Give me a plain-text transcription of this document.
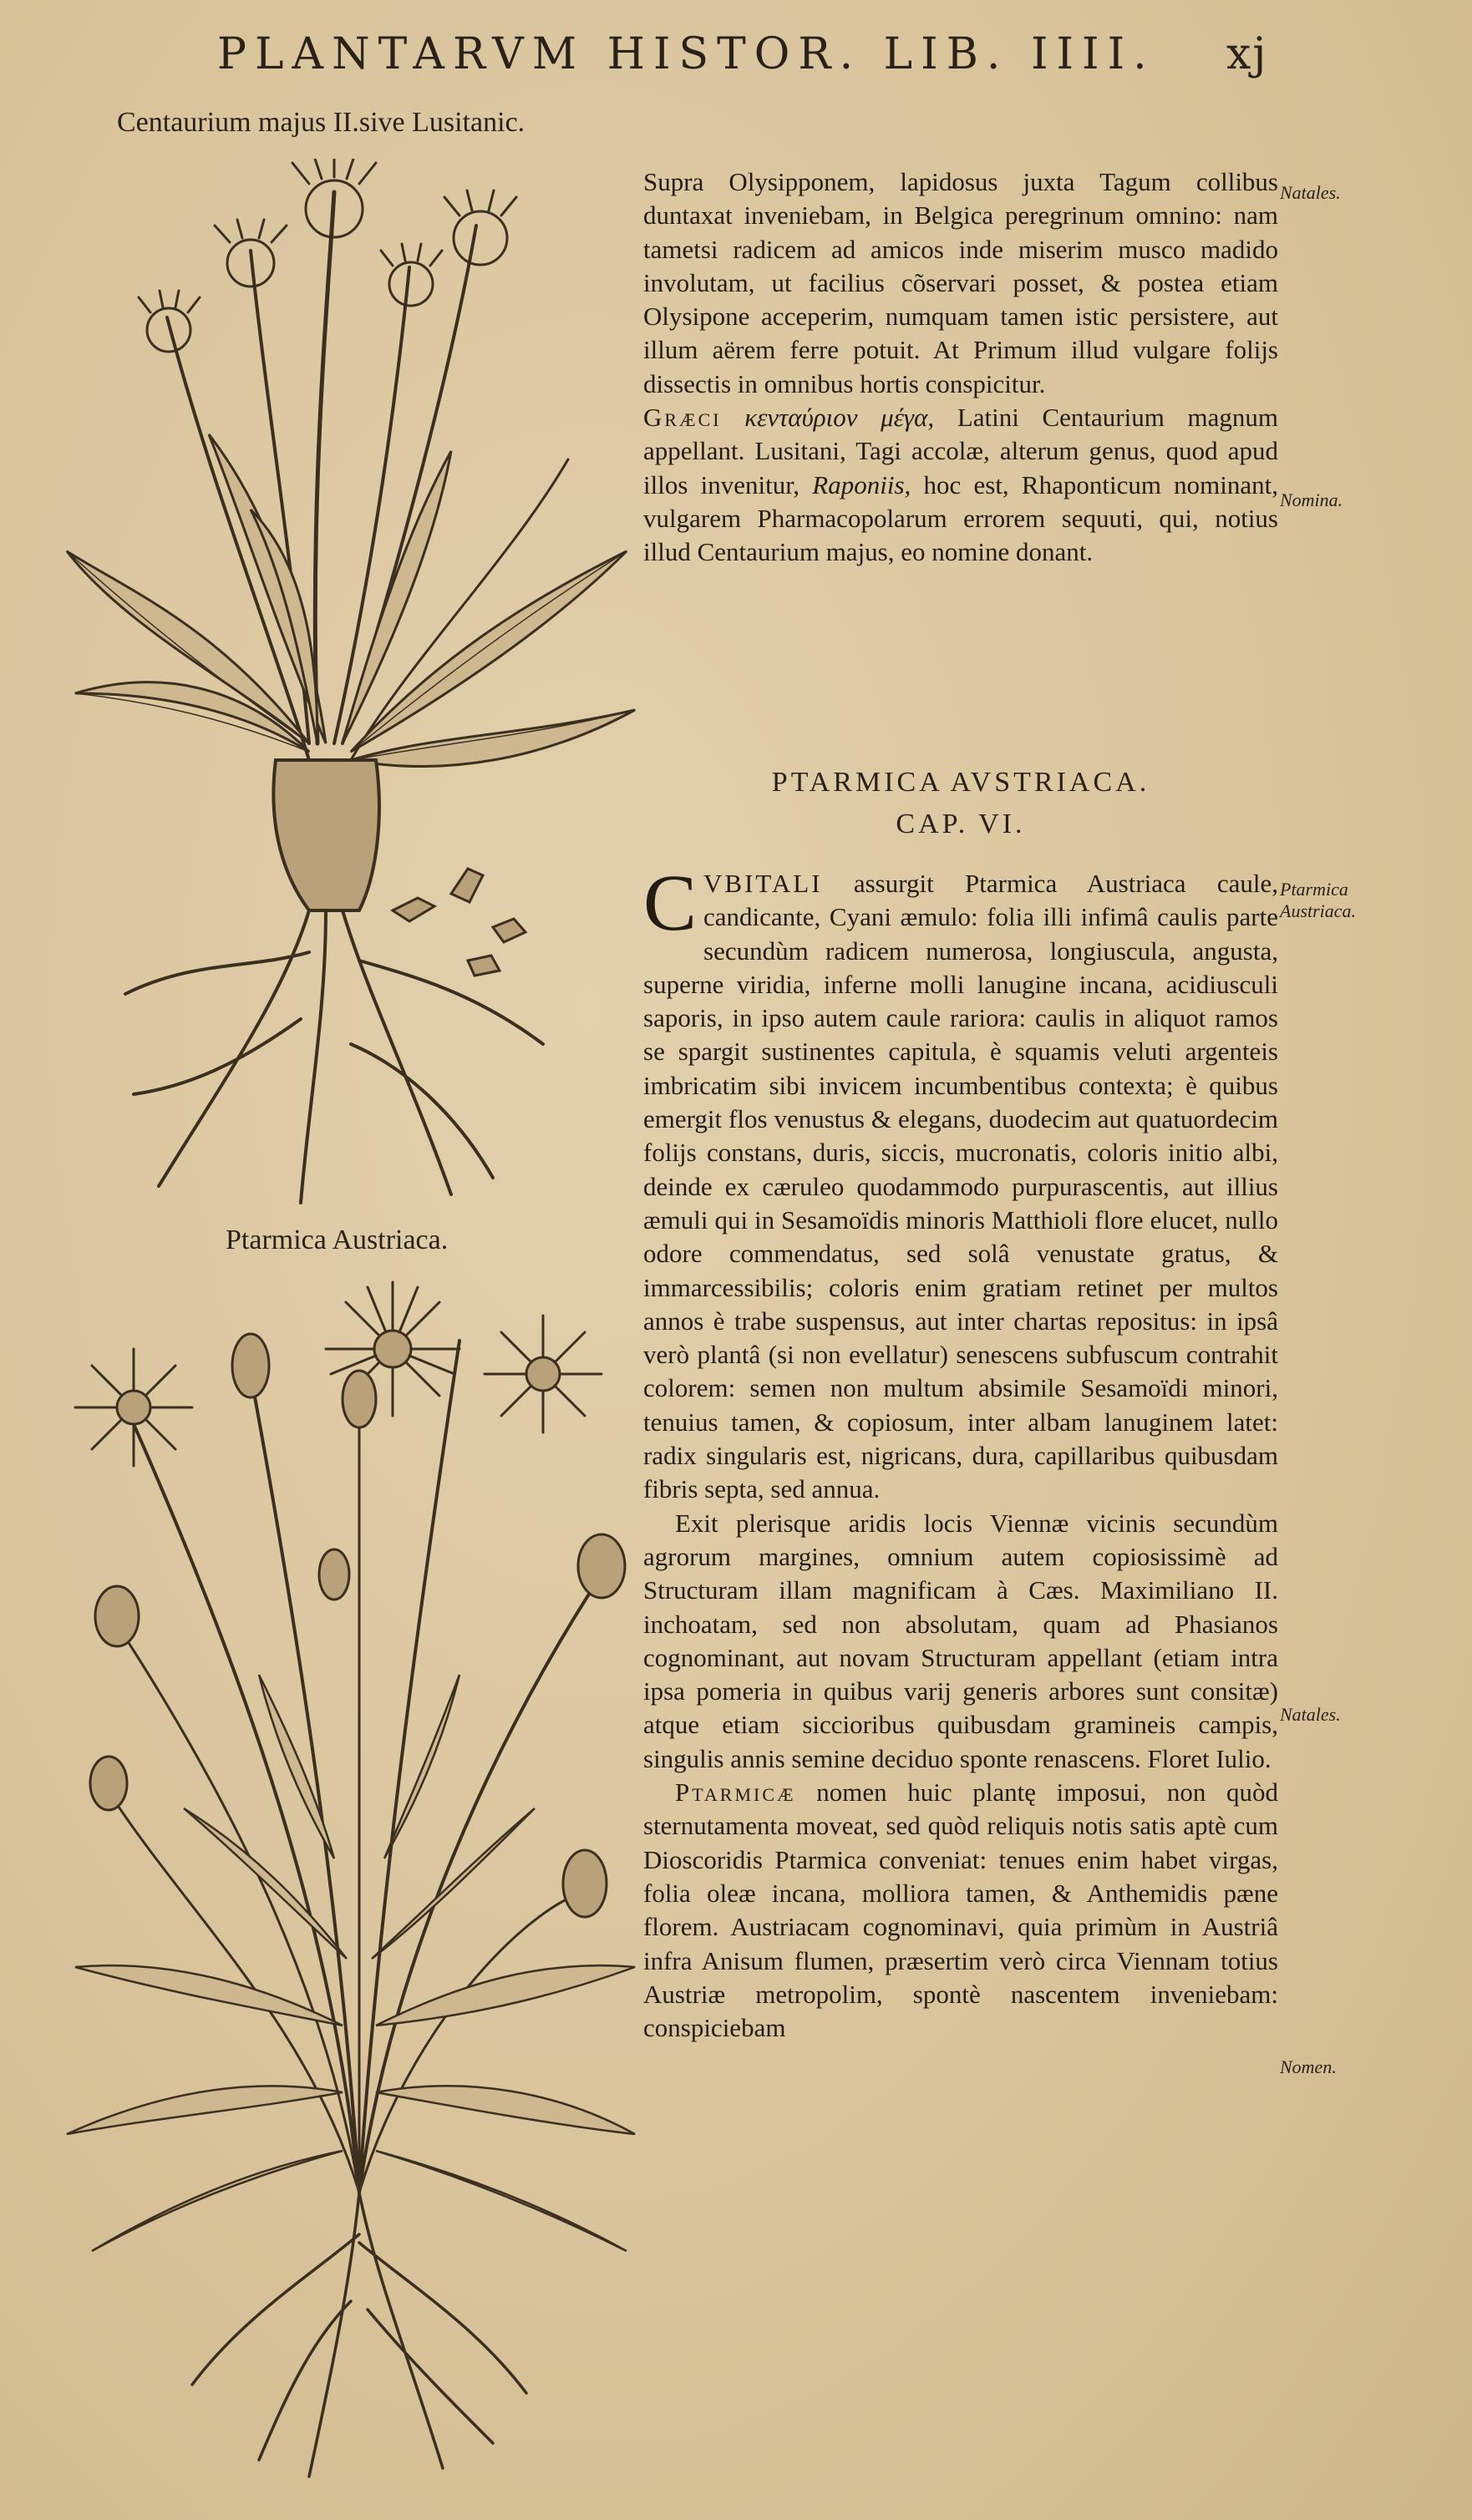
PLANTARVM HISTOR. LIB. IIII. xj
Centaurium majus II.sive Lusitanic.
Ptarmica Austriaca.

Supra Olysipponem, lapidosus juxta Tagum collibus duntaxat inveniebam, in Belgica peregrinum omnino: nam tametsi radicem ad amicos inde miserim musco madido involutam, ut facilius cõservari posset, & postea etiam Olysipone acceperim, numquam tamen istic persistere, aut illum aërem ferre potuit. At Primum illud vulgare folijs dissectis in omnibus hortis conspicitur.

Græci κενταύριον μέγα, Latini Centaurium magnum appellant. Lusitani, Tagi accolæ, alterum genus, quod apud illos invenitur, Raponiis, hoc est, Rhaponticum nominant, vulgarem Pharmacopolarum errorem sequuti, qui, notius illud Centaurium majus, eo nomine donant.

PTARMICA AVSTRIACA.
CAP. VI.

CVBITALI assurgit Ptarmica Austriaca caule, candicante, Cyani æmulo: folia illi infimâ caulis parte secundùm radicem numerosa, longiuscula, angusta, superne viridia, inferne molli lanugine incana, acidiusculi saporis, in ipso autem caule rariora: caulis in aliquot ramos se spargit sustinentes capitula, è squamis veluti argenteis imbricatim sibi invicem incumbentibus contexta; è quibus emergit flos venustus & elegans, duodecim aut quatuordecim folijs constans, duris, siccis, mucronatis, coloris initio albi, deinde ex cæruleo quodammodo purpurascentis, aut illius æmuli qui in Sesamoïdis minoris Matthioli flore elucet, nullo odore commendatus, sed solâ venustate gratus, & immarcessibilis; coloris enim gratiam retinet per multos annos è trabe suspensus, aut inter chartas repositus: in ipsâ verò plantâ (si non evellatur) senescens subfuscum contrahit colorem: semen non multum absimile Sesamoïdi minori, tenuius tamen, & copiosum, inter albam lanuginem latet: radix singularis est, nigricans, dura, capillaribus quibusdam fibris septa, sed annua.

Exit plerisque aridis locis Viennæ vicinis secundùm agrorum margines, omnium autem copiosissimè ad Structuram illam magnificam à Cæs. Maximiliano II. inchoatam, sed non absolutam, quam ad Phasianos cognominant, aut novam Structuram appellant (etiam intra ipsa pomeria in quibus varij generis arbores sunt consitæ) atque etiam siccioribus quibusdam gramineis campis, singulis annis semine deciduo sponte renascens. Floret Iulio.

Ptarmicæ nomen huic plantę imposui, non quòd sternutamenta moveat, sed quòd reliquis notis satis aptè cum Dioscoridis Ptarmica conveniat: tenues enim habet virgas, folia oleæ incana, molliora tamen, & Anthemidis pæne florem. Austriacam cognominavi, quia primùm in Austriâ infra Anisum flumen, præsertim verò circa Viennam totius Austriæ metropolim, spontè nascentem inveniebam: conspiciebam

Natales.
Nomina.
Ptarmica Austriaca.
Natales.
Nomen.
